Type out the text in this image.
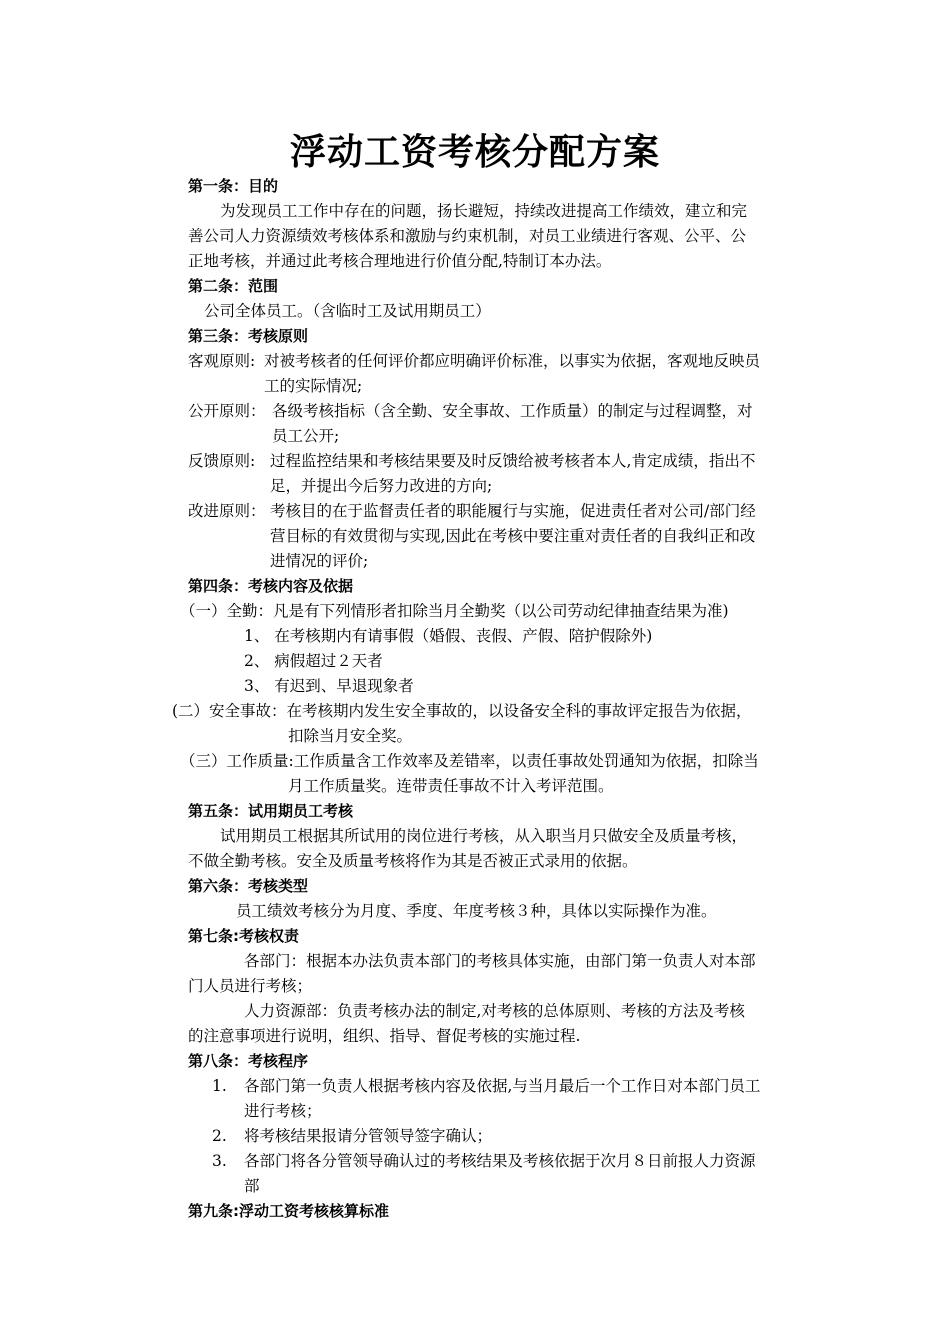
浮动工资考核分配方案
第一条：目的
为发现员工工作中存在的问题，扬长避短，持续改进提高工作绩效，建立和完
善公司人力资源绩效考核体系和激励与约束机制，对员工业绩进行客观、公平、公
正地考核，并通过此考核合理地进行价值分配,特制订本办法。
第二条：范围
公司全体员工。（含临时工及试用期员工）
第三条：考核原则
客观原则: 对被考核者的任何评价都应明确评价标准，以事实为依据，客观地反映员
工的实际情况;
公开原则： 各级考核指标（含全勤、安全事故、工作质量）的制定与过程调整，对
员工公开;
反馈原则: 过程监控结果和考核结果要及时反馈给被考核者本人,肯定成绩，指出不
足，并提出今后努力改进的方向;
改进原则： 考核目的在于监督责任者的职能履行与实施，促进责任者对公司/部门经
营目标的有效贯彻与实现,因此在考核中要注重对责任者的自我纠正和改
进情况的评价;
第四条：考核内容及依据
（一）全勤：凡是有下列情形者扣除当月全勤奖（以公司劳动纪律抽查结果为准)
1、 在考核期内有请事假（婚假、丧假、产假、陪护假除外)
2、 病假超过２天者
3、 有迟到、早退现象者
(二）安全事故：在考核期内发生安全事故的，以设备安全科的事故评定报告为依据，
扣除当月安全奖。
（三）工作质量:工作质量含工作效率及差错率，以责任事故处罚通知为依据，扣除当
月工作质量奖。连带责任事故不计入考评范围。
第五条：试用期员工考核
试用期员工根据其所试用的岗位进行考核，从入职当月只做安全及质量考核，
不做全勤考核。安全及质量考核将作为其是否被正式录用的依据。
第六条：考核类型
员工绩效考核分为月度、季度、年度考核３种，具体以实际操作为准。
第七条:考核权责
各部门：根据本办法负责本部门的考核具体实施，由部门第一负责人对本部
门人员进行考核；
人力资源部：负责考核办法的制定,对考核的总体原则、考核的方法及考核
的注意事项进行说明，组织、指导、督促考核的实施过程.
第八条：考核程序
1. 各部门第一负责人根据考核内容及依据,与当月最后一个工作日对本部门员工
进行考核；
2. 将考核结果报请分管领导签字确认；
3. 各部门将各分管领导确认过的考核结果及考核依据于次月８日前报人力资源
部
第九条:浮动工资考核核算标准
